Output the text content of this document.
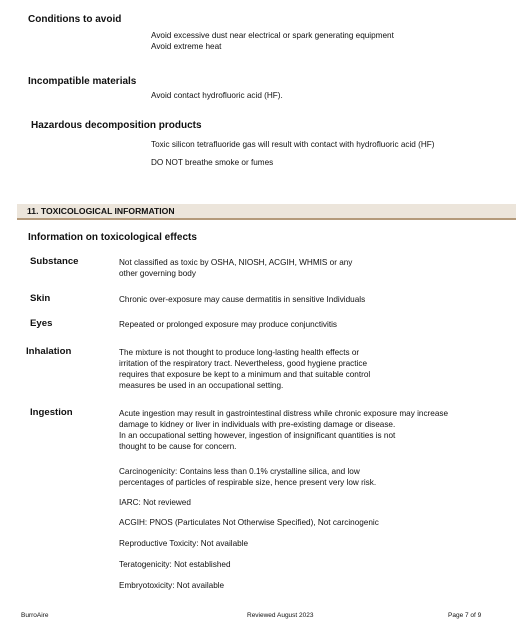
Conditions to avoid
Avoid excessive dust near electrical or spark generating equipment
Avoid extreme heat
Incompatible materials
Avoid contact hydrofluoric acid (HF).
Hazardous decomposition products
Toxic silicon tetrafluoride gas will result with contact with hydrofluoric acid (HF)
DO NOT breathe smoke or fumes
11. TOXICOLOGICAL INFORMATION
Information on toxicological effects
Substance	Not classified as toxic by OSHA, NIOSH, ACGIH, WHMIS or any
other governing body
Skin	Chronic over-exposure may cause dermatitis in sensitive Individuals
Eyes	Repeated or prolonged exposure may produce conjunctivitis
Inhalation	The mixture is not thought to produce long-lasting health effects or
irritation of the respiratory tract. Nevertheless, good hygiene practice
requires that exposure be kept to a minimum and that suitable control
measures be used in an occupational setting.
Ingestion	Acute ingestion may result in gastrointestinal distress while chronic exposure may increase
damage to kidney or liver in individuals with pre-existing damage or disease.
In an occupational setting however, ingestion of insignificant quantities is not
thought to be cause for concern.
Carcinogenicity: Contains less than 0.1% crystalline silica, and low
percentages of particles of respirable size, hence present very low risk.
IARC: Not reviewed
ACGIH: PNOS (Particulates Not Otherwise Specified), Not carcinogenic
Reproductive Toxicity: Not available
Teratogenicity: Not established
Embryotoxicity: Not available
BurroAire	Reviewed August 2023	Page 7 of 9
